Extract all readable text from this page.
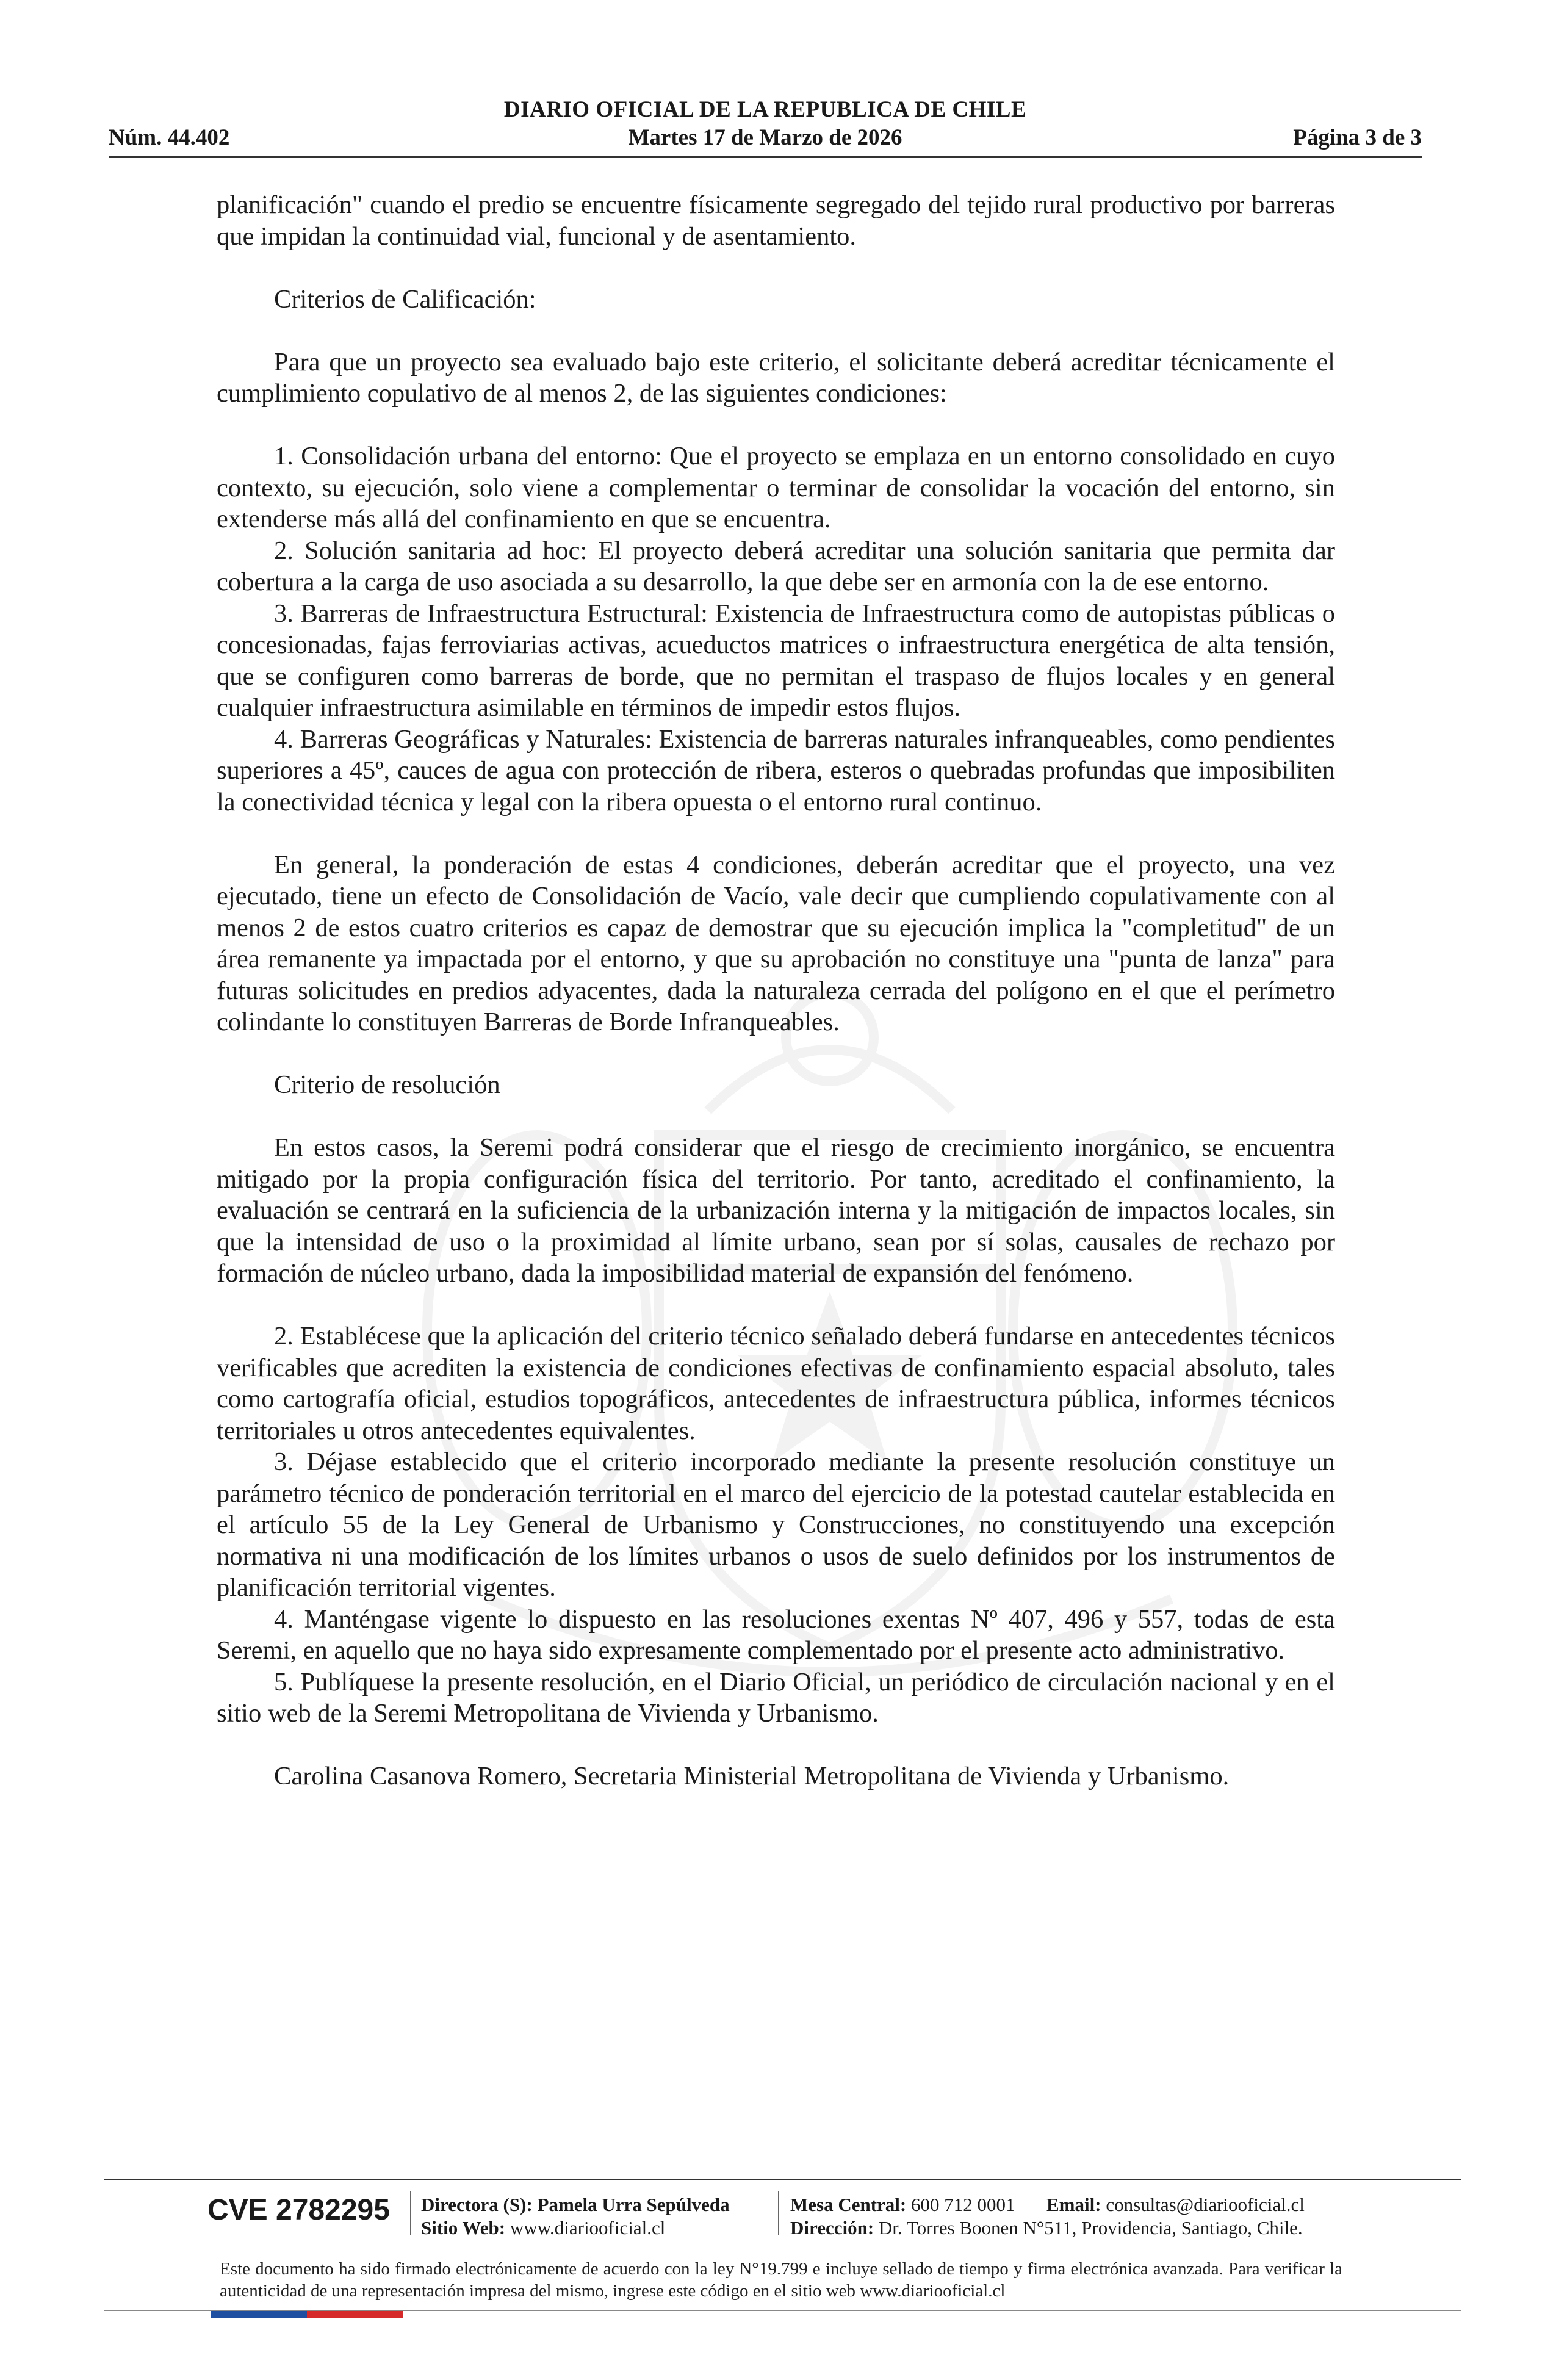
DIARIO OFICIAL DE LA REPUBLICA DE CHILE
Núm. 44.402	Martes 17 de Marzo de 2026	Página 3 de 3

planificación" cuando el predio se encuentre físicamente segregado del tejido rural productivo por barreras que impidan la continuidad vial, funcional y de asentamiento.

Criterios de Calificación:

Para que un proyecto sea evaluado bajo este criterio, el solicitante deberá acreditar técnicamente el cumplimiento copulativo de al menos 2, de las siguientes condiciones:

1. Consolidación urbana del entorno: Que el proyecto se emplaza en un entorno consolidado en cuyo contexto, su ejecución, solo viene a complementar o terminar de consolidar la vocación del entorno, sin extenderse más allá del confinamiento en que se encuentra.

2. Solución sanitaria ad hoc: El proyecto deberá acreditar una solución sanitaria que permita dar cobertura a la carga de uso asociada a su desarrollo, la que debe ser en armonía con la de ese entorno.

3. Barreras de Infraestructura Estructural: Existencia de Infraestructura como de autopistas públicas o concesionadas, fajas ferroviarias activas, acueductos matrices o infraestructura energética de alta tensión, que se configuren como barreras de borde, que no permitan el traspaso de flujos locales y en general cualquier infraestructura asimilable en términos de impedir estos flujos.

4. Barreras Geográficas y Naturales: Existencia de barreras naturales infranqueables, como pendientes superiores a 45º, cauces de agua con protección de ribera, esteros o quebradas profundas que imposibiliten la conectividad técnica y legal con la ribera opuesta o el entorno rural continuo.

En general, la ponderación de estas 4 condiciones, deberán acreditar que el proyecto, una vez ejecutado, tiene un efecto de Consolidación de Vacío, vale decir que cumpliendo copulativamente con al menos 2 de estos cuatro criterios es capaz de demostrar que su ejecución implica la "completitud" de un área remanente ya impactada por el entorno, y que su aprobación no constituye una "punta de lanza" para futuras solicitudes en predios adyacentes, dada la naturaleza cerrada del polígono en el que el perímetro colindante lo constituyen Barreras de Borde Infranqueables.

Criterio de resolución

En estos casos, la Seremi podrá considerar que el riesgo de crecimiento inorgánico, se encuentra mitigado por la propia configuración física del territorio. Por tanto, acreditado el confinamiento, la evaluación se centrará en la suficiencia de la urbanización interna y la mitigación de impactos locales, sin que la intensidad de uso o la proximidad al límite urbano, sean por sí solas, causales de rechazo por formación de núcleo urbano, dada la imposibilidad material de expansión del fenómeno.

2. Establécese que la aplicación del criterio técnico señalado deberá fundarse en antecedentes técnicos verificables que acrediten la existencia de condiciones efectivas de confinamiento espacial absoluto, tales como cartografía oficial, estudios topográficos, antecedentes de infraestructura pública, informes técnicos territoriales u otros antecedentes equivalentes.

3. Déjase establecido que el criterio incorporado mediante la presente resolución constituye un parámetro técnico de ponderación territorial en el marco del ejercicio de la potestad cautelar establecida en el artículo 55 de la Ley General de Urbanismo y Construcciones, no constituyendo una excepción normativa ni una modificación de los límites urbanos o usos de suelo definidos por los instrumentos de planificación territorial vigentes.

4. Manténgase vigente lo dispuesto en las resoluciones exentas Nº 407, 496 y 557, todas de esta Seremi, en aquello que no haya sido expresamente complementado por el presente acto administrativo.

5. Publíquese la presente resolución, en el Diario Oficial, un periódico de circulación nacional y en el sitio web de la Seremi Metropolitana de Vivienda y Urbanismo.

Carolina Casanova Romero, Secretaria Ministerial Metropolitana de Vivienda y Urbanismo.

CVE 2782295	Directora (S): Pamela Urra Sepúlveda
Sitio Web: www.diariooficial.cl
Mesa Central: 600 712 0001 Email: consultas@diariooficial.cl
Dirección: Dr. Torres Boonen N°511, Providencia, Santiago, Chile.
Este documento ha sido firmado electrónicamente de acuerdo con la ley N°19.799 e incluye sellado de tiempo y firma electrónica avanzada. Para verificar la autenticidad de una representación impresa del mismo, ingrese este código en el sitio web www.diariooficial.cl
